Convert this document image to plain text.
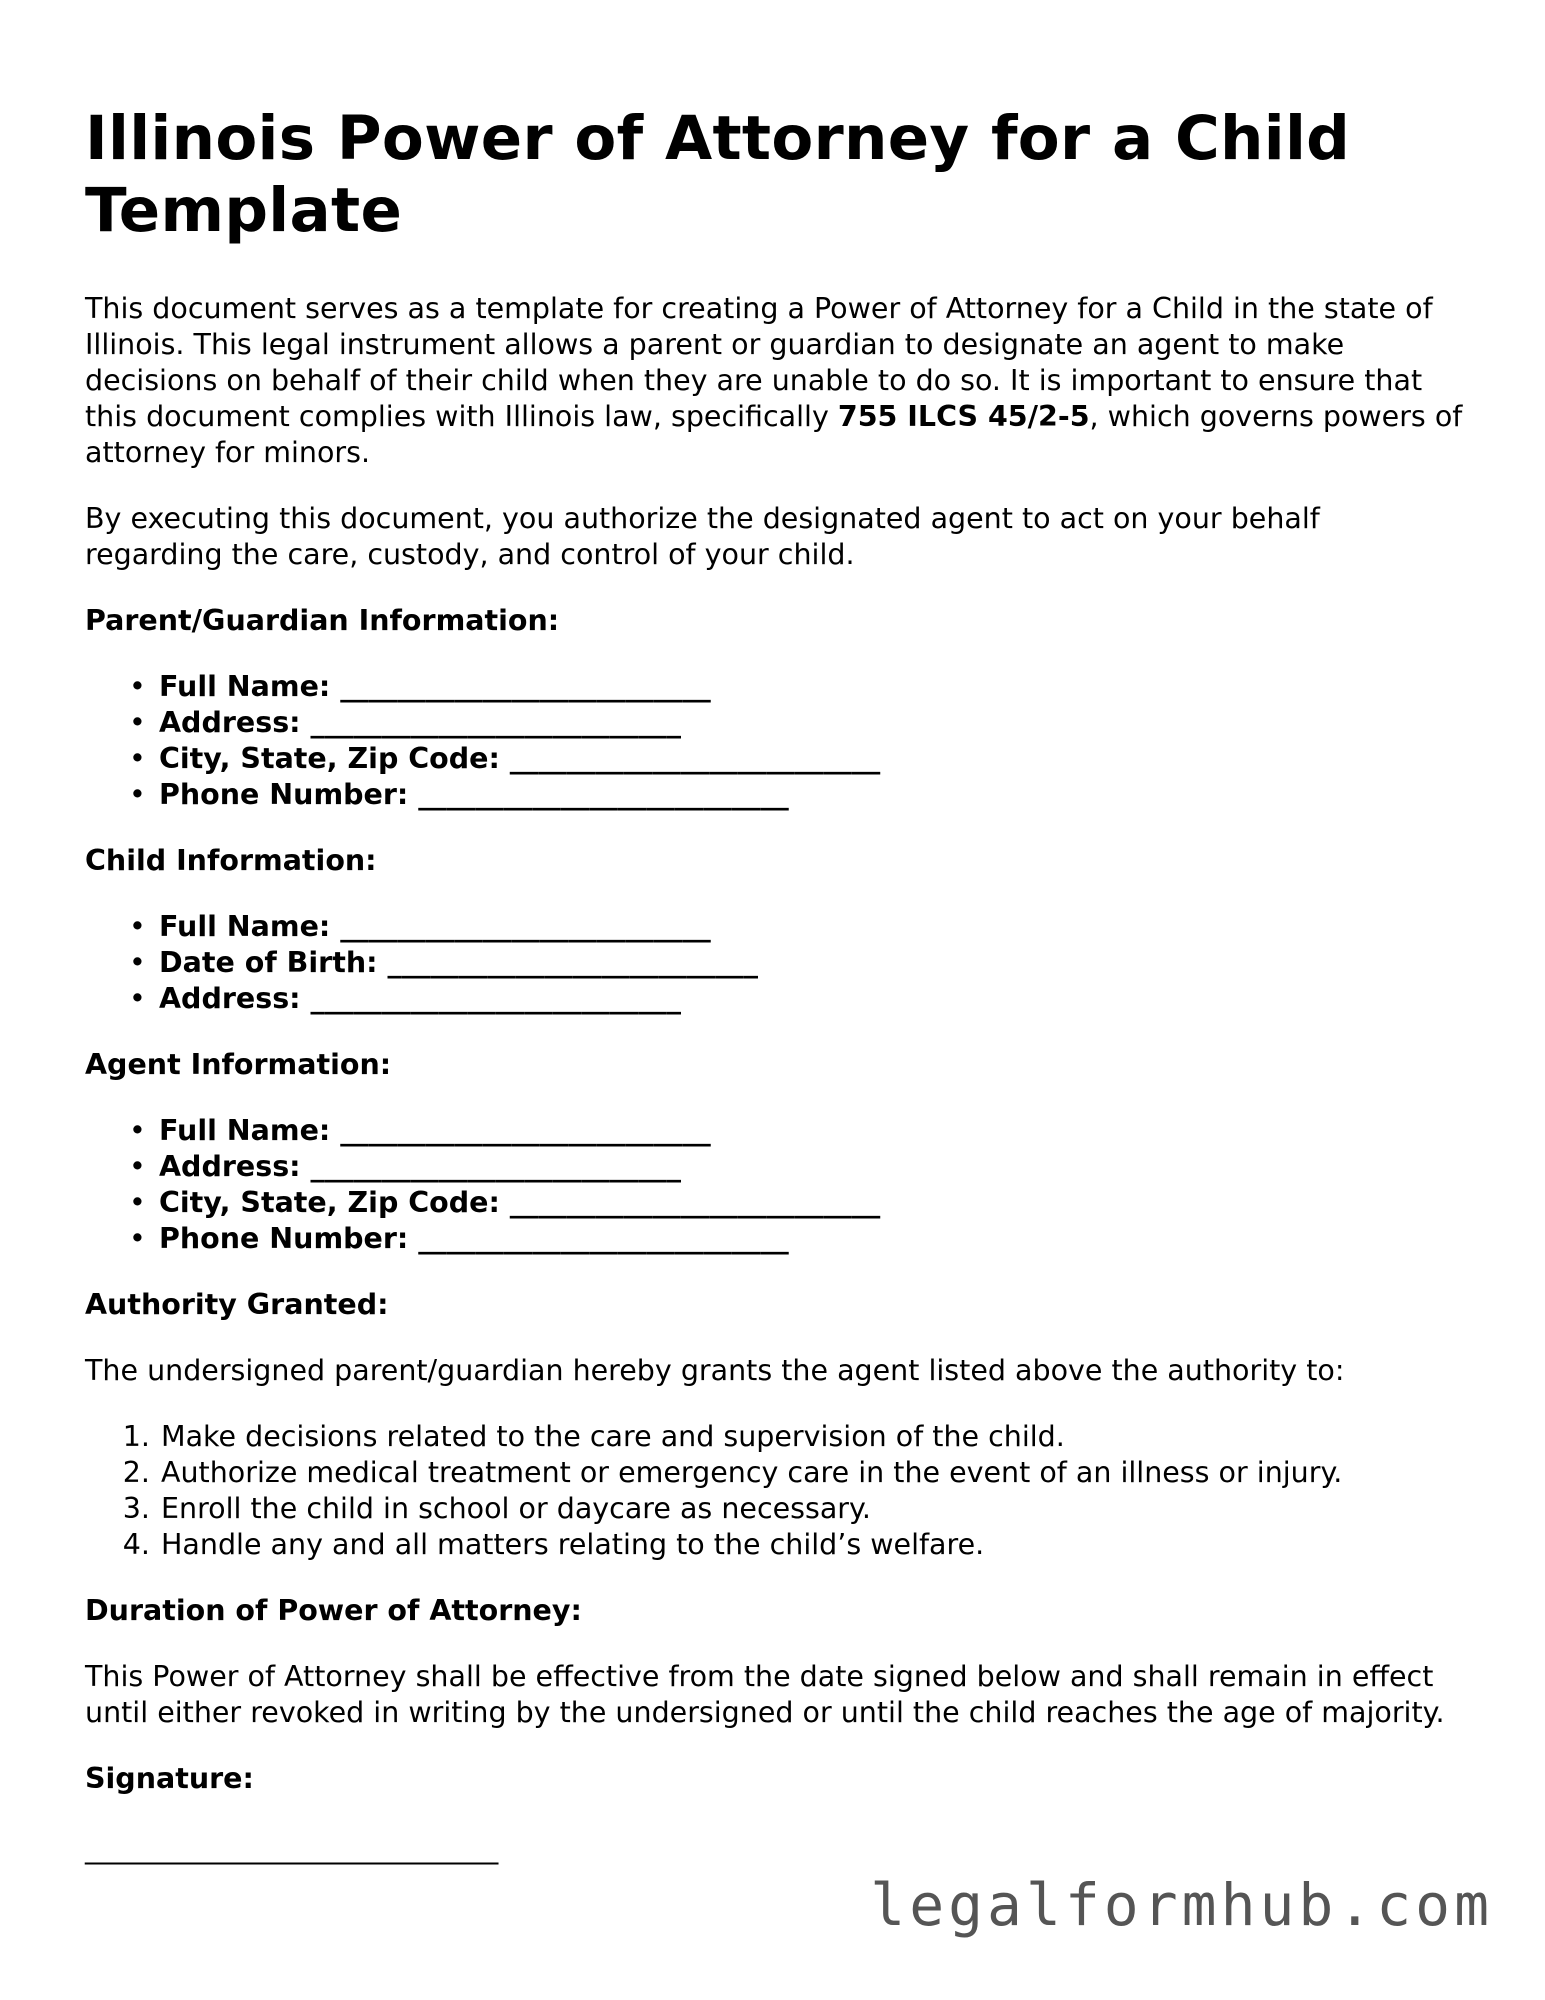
Illinois Power of Attorney for a Child Template

This document serves as a template for creating a Power of Attorney for a Child in the state of Illinois. This legal instrument allows a parent or guardian to designate an agent to make decisions on behalf of their child when they are unable to do so. It is important to ensure that this document complies with Illinois law, specifically 755 ILCS 45/2-5, which governs powers of attorney for minors.

By executing this document, you authorize the designated agent to act on your behalf regarding the care, custody, and control of your child.

Parent/Guardian Information:
• Full Name: __________________________
• Address: __________________________
• City, State, Zip Code: __________________________
• Phone Number: __________________________
Child Information:
• Full Name: __________________________
• Date of Birth: __________________________
• Address: __________________________
Agent Information:
• Full Name: __________________________
• Address: __________________________
• City, State, Zip Code: __________________________
• Phone Number: __________________________
Authority Granted:

The undersigned parent/guardian hereby grants the agent listed above the authority to:

1. Make decisions related to the care and supervision of the child.
2. Authorize medical treatment or emergency care in the event of an illness or injury.
3. Enroll the child in school or daycare as necessary.
4. Handle any and all matters relating to the child’s welfare.
Duration of Power of Attorney:

This Power of Attorney shall be effective from the date signed below and shall remain in effect until either revoked in writing by the undersigned or until the child reaches the age of majority.

Signature:
_____________________________
legalformhub.com
